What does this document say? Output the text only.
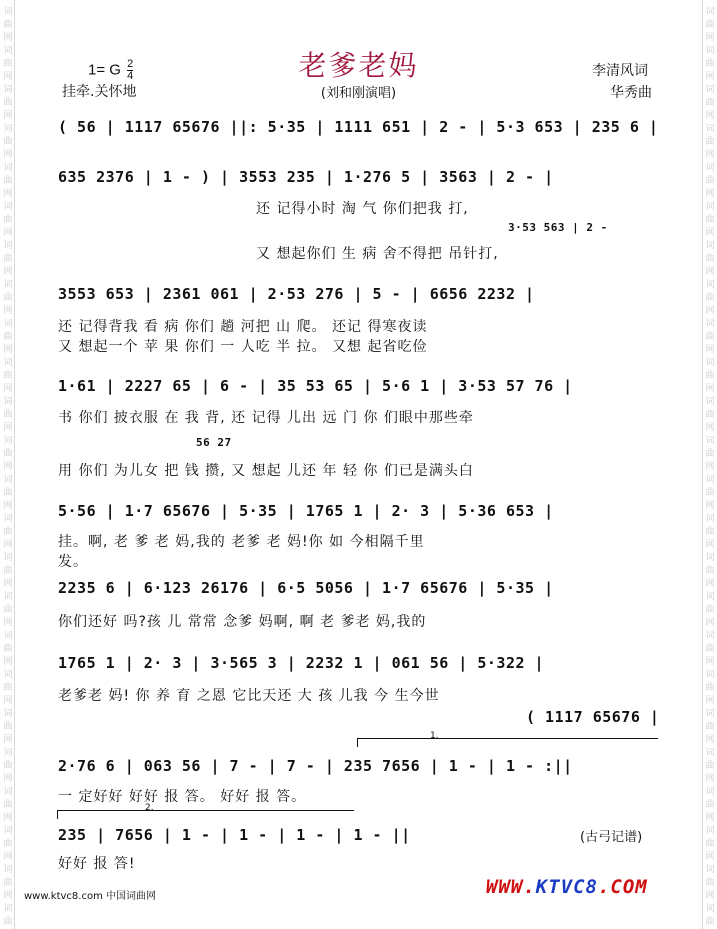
词
曲
网
词
曲
网
词
曲
网
词
曲
网
词
曲
网
词
曲
网
词
曲
网
词
曲
网
词
曲
网
词
曲
网
词
曲
网
词
曲
网
词
曲
网
词
曲
网
词
曲
网
词
曲
网
词
曲
网
词
曲
网
词
曲
网
词
曲
网
词
曲
网
词
曲
网
词
曲
网
词
曲
词
曲
网
词
曲
网
词
曲
网
词
曲
网
词
曲
网
词
曲
网
词
曲
网
词
曲
网
词
曲
网
词
曲
网
词
曲
网
词
曲
网
词
曲
网
词
曲
网
词
曲
网
词
曲
网
词
曲
网
词
曲
网
词
曲
网
词
曲
网
词
曲
网
词
曲
网
词
曲
网
词
曲
老爹老妈
(刘和刚演唱)
1= G $\frac{2}{4}$
挂牵.关怀地
李清风词
华秀曲
( 56 | 1117 65676 ||: 5·35 | 1111 651 | 2 - | 5·3 653 | 235 6 |
635 2376 | 1 - ) | 3553 235 | 1·276 5 | 3563 | 2 - |
还 记得小时 淘 气 你们把我 打,
3·53 563 | 2 -
又 想起你们 生 病 舍不得把 吊针打,
3553 653 | 2361 061 | 2·53 276 | 5 - | 6656 2232 |
还 记得背我 看 病 你们 趟 河把 山 爬。 还记 得寒夜读
又 想起一个 苹 果 你们 一 人吃 半 拉。 又想 起省吃俭
1·61 | 2227 65 | 6 - | 35 53 65 | 5·6 1 | 3·53 57 76 |
书 你们 披衣服 在 我 背, 还 记得 儿出 远 门 你 们眼中那些牵
56 27
用 你们 为儿女 把 钱 攒, 又 想起 儿还 年 轻 你 们已是满头白
5·56 | 1·7 65676 | 5·35 | 1765 1 | 2· 3 | 5·36 653 |
挂。啊, 老 爹 老 妈,我的 老爹 老 妈!你 如 今相隔千里
发。
2235 6 | 6·123 26176 | 6·5 5056 | 1·7 65676 | 5·35 |
你们还好 吗?孩 儿 常常 念爹 妈啊, 啊 老 爹老 妈,我的
1765 1 | 2· 3 | 3·565 3 | 2232 1 | 061 56 | 5·322 |
老爹老 妈! 你 养 育 之恩 它比天还 大 孩 儿我 今 生今世
( 1117 65676 |
1.
2·76 6 | 063 56 | 7 - | 7 - | 235 7656 | 1 - | 1 - :||
一 定好好 好好 报 答。 好好 报 答。
2.
235 | 7656 | 1 - | 1 - | 1 - | 1 - ||
好好 报 答!
(古弓记谱)
www.ktvc8.com 中国词曲网	WWW.KTVC8.COM
